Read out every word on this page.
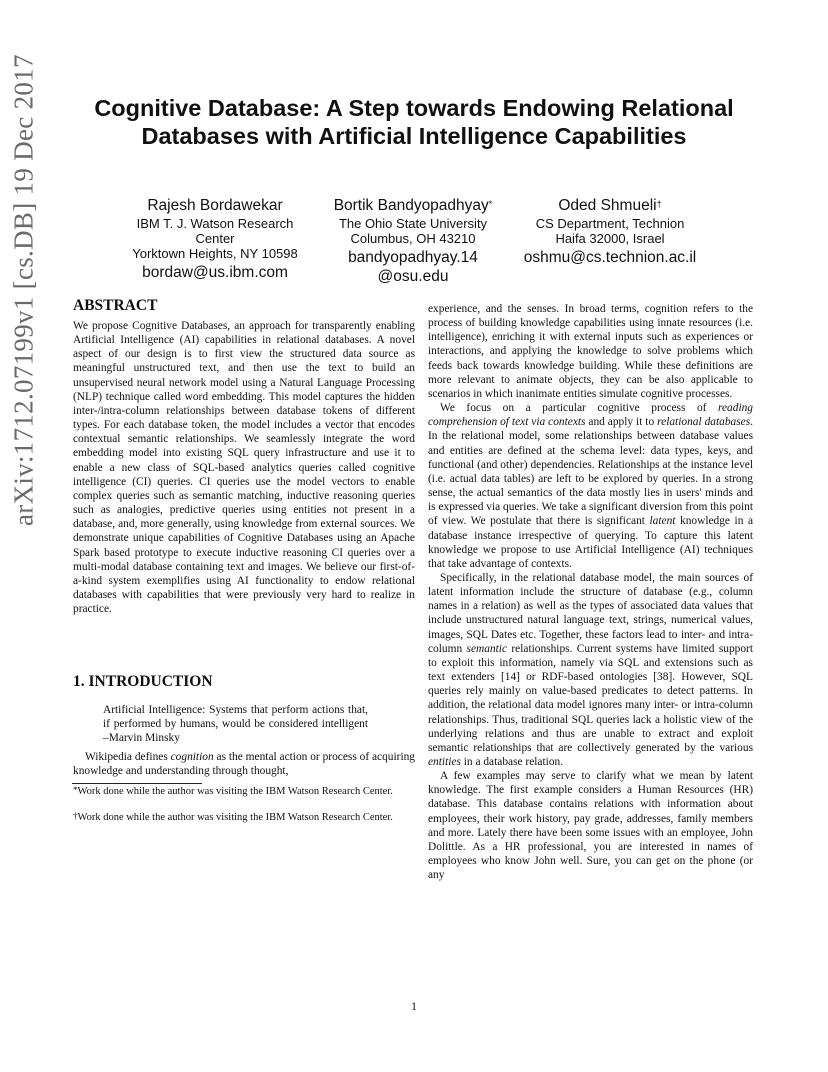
arXiv:1712.07199v1 [cs.DB] 19 Dec 2017	Cognitive Database: A Step towards Endowing Relational
Databases with Artificial Intelligence Capabilities
Rajesh Bordawekar
IBM T. J. Watson Research
Center
Yorktown Heights, NY 10598
bordaw@us.ibm.com
Bortik Bandyopadhyay*
The Ohio State University
Columbus, OH 43210
bandyopadhyay.14
@osu.edu
Oded Shmueli†
CS Department, Technion
Haifa 32000, Israel
oshmu@cs.technion.ac.il
ABSTRACT

We propose Cognitive Databases, an approach for transparently enabling Artificial Intelligence (AI) capabilities in relational databases. A novel aspect of our design is to first view the structured data source as meaningful unstructured text, and then use the text to build an unsupervised neural network model using a Natural Language Processing (NLP) technique called word embedding. This model captures the hidden inter-/intra-column relationships between database tokens of different types. For each database token, the model includes a vector that encodes contextual semantic relationships. We seamlessly integrate the word embedding model into existing SQL query infrastructure and use it to enable a new class of SQL-based analytics queries called cognitive intelligence (CI) queries. CI queries use the model vectors to enable complex queries such as semantic matching, inductive reasoning queries such as analogies, predictive queries using entities not present in a database, and, more generally, using knowledge from external sources. We demonstrate unique capabilities of Cognitive Databases using an Apache Spark based prototype to execute inductive reasoning CI queries over a multi-modal database containing text and images. We believe our first-of-a-kind system exemplifies using AI functionality to endow relational databases with capabilities that were previously very hard to realize in practice.

1. INTRODUCTION
Artificial Intelligence: Systems that perform actions that, if performed by humans, would be considered intelligent –Marvin Minsky

Wikipedia defines cognition as the mental action or process of acquiring knowledge and understanding through thought,

*Work done while the author was visiting the IBM Watson Research Center.
†Work done while the author was visiting the IBM Watson Research Center.

experience, and the senses. In broad terms, cognition refers to the process of building knowledge capabilities using innate resources (i.e. intelligence), enriching it with external inputs such as experiences or interactions, and applying the knowledge to solve problems which feeds back towards knowledge building. While these definitions are more relevant to animate objects, they can be also applicable to scenarios in which inanimate entities simulate cognitive processes.

We focus on a particular cognitive process of reading comprehension of text via contexts and apply it to relational databases. In the relational model, some relationships between database values and entities are defined at the schema level: data types, keys, and functional (and other) dependencies. Relationships at the instance level (i.e. actual data tables) are left to be explored by queries. In a strong sense, the actual semantics of the data mostly lies in users' minds and is expressed via queries. We take a significant diversion from this point of view. We postulate that there is significant latent knowledge in a database instance irrespective of querying. To capture this latent knowledge we propose to use Artificial Intelligence (AI) techniques that take advantage of contexts.

Specifically, in the relational database model, the main sources of latent information include the structure of database (e.g., column names in a relation) as well as the types of associated data values that include unstructured natural language text, strings, numerical values, images, SQL Dates etc. Together, these factors lead to inter- and intra-column semantic relationships. Current systems have limited support to exploit this information, namely via SQL and extensions such as text extenders [14] or RDF-based ontologies [38]. However, SQL queries rely mainly on value-based predicates to detect patterns. In addition, the relational data model ignores many inter- or intra-column relationships. Thus, traditional SQL queries lack a holistic view of the underlying relations and thus are unable to extract and exploit semantic relationships that are collectively generated by the various entities in a database relation.

A few examples may serve to clarify what we mean by latent knowledge. The first example considers a Human Resources (HR) database. This database contains relations with information about employees, their work history, pay grade, addresses, family members and more. Lately there have been some issues with an employee, John Dolittle. As a HR professional, you are interested in names of employees who know John well. Sure, you can get on the phone (or any

1
